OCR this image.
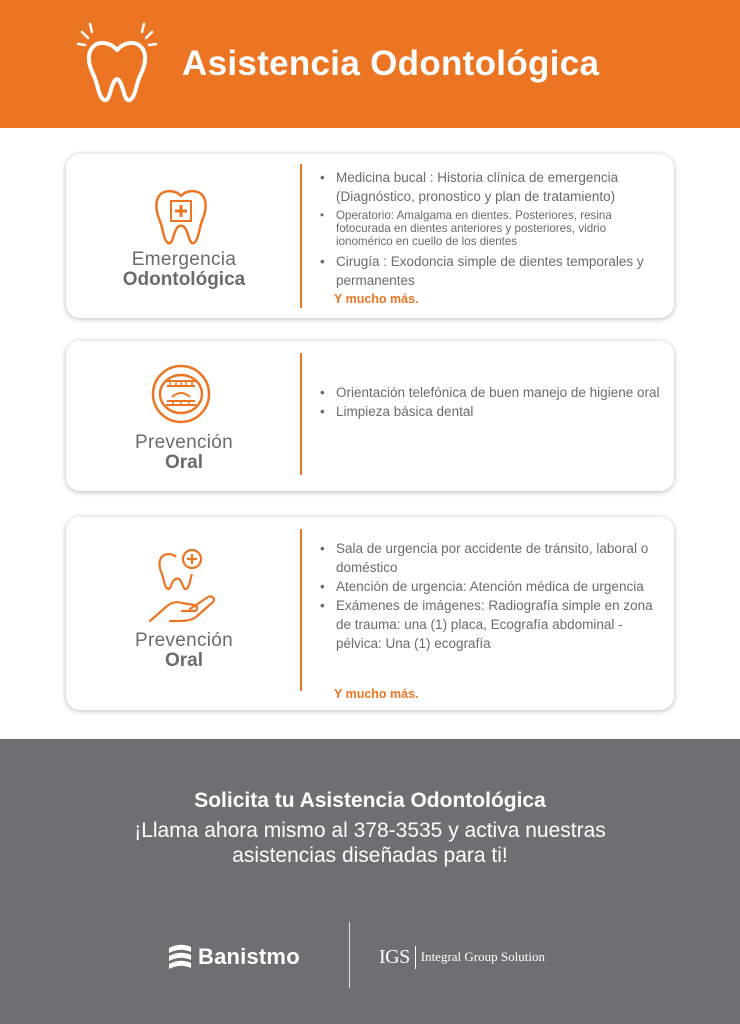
Asistencia Odontológica
Emergencia
Odontológica
• Medicina bucal : Historia clínica de emergencia (Diagnóstico, pronostico y plan de tratamiento)
• Operatorio: Amalgama en dientes. Posteriores, resina fotocurada en dientes anteriores y posteriores, vidrio ionomérico en cuello de los dientes
• Cirugía : Exodoncia simple de dientes temporales y permanentes
Y mucho más.
Prevención
Oral
• Orientación telefónica de buen manejo de higiene oral
• Limpieza básica dental
Prevención
Oral
• Sala de urgencia por accidente de tránsito, laboral o doméstico
• Atención de urgencia: Atención médica de urgencia
• Exámenes de imágenes: Radiografía simple en zona de trauma: una (1) placa, Ecografía abdominal - pélvica: Una (1) ecografía
Y mucho más.
Solicita tu Asistencia Odontológica
¡Llama ahora mismo al 378-3535 y activa nuestras asistencias diseñadas para ti!
Banistmo	IGS Integral Group Solution
